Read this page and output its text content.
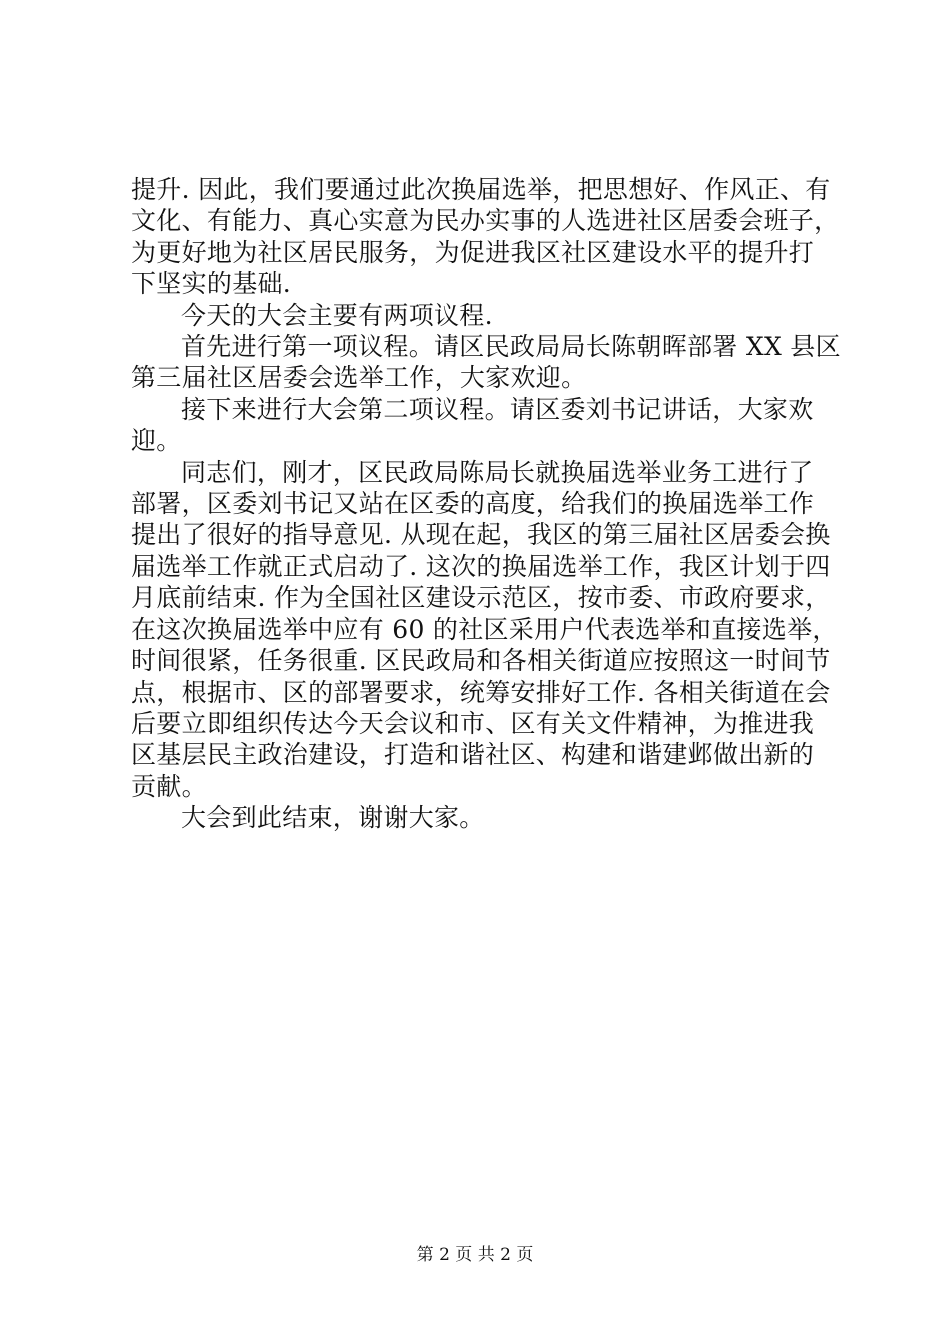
提升. 因此，我们要通过此次换届选举，把思想好、作风正、有
文化、有能力、真心实意为民办实事的人选进社区居委会班子，
为更好地为社区居民服务，为促进我区社区建设水平的提升打
下坚实的基础.
今天的大会主要有两项议程.
首先进行第一项议程。请区民政局局长陈朝晖部署 XX 县区
第三届社区居委会选举工作，大家欢迎。
接下来进行大会第二项议程。请区委刘书记讲话，大家欢
迎。
同志们，刚才，区民政局陈局长就换届选举业务工进行了
部署，区委刘书记又站在区委的高度，给我们的换届选举工作
提出了很好的指导意见. 从现在起，我区的第三届社区居委会换
届选举工作就正式启动了. 这次的换届选举工作，我区计划于四
月底前结束. 作为全国社区建设示范区，按市委、市政府要求，
在这次换届选举中应有 60 的社区采用户代表选举和直接选举，
时间很紧，任务很重. 区民政局和各相关街道应按照这一时间节
点，根据市、区的部署要求，统筹安排好工作. 各相关街道在会
后要立即组织传达今天会议和市、区有关文件精神，为推进我
区基层民主政治建设，打造和谐社区、构建和谐建邺做出新的
贡献。
大会到此结束，谢谢大家。
第 2 页 共 2 页
